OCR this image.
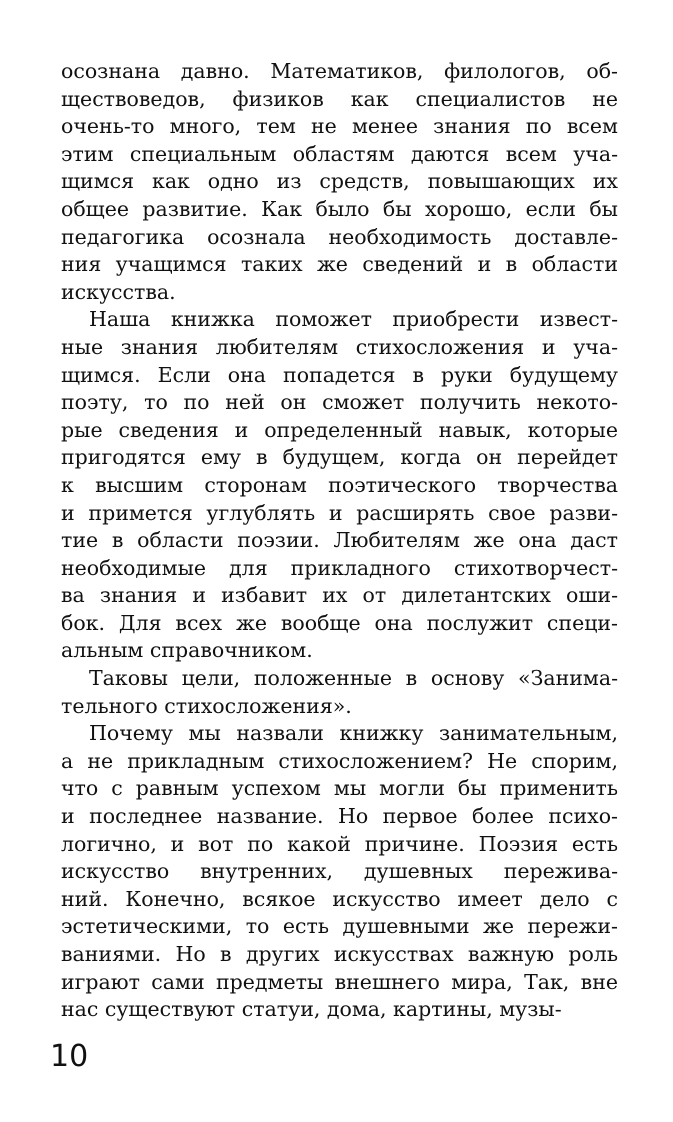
осознана давно. Математиков, филологов, об-
ществоведов, физиков как специалистов не
очень-то много, тем не менее знания по всем
этим специальным областям даются всем уча-
щимся как одно из средств, повышающих их
общее развитие. Как было бы хорошо, если бы
педагогика осознала необходимость доставле-
ния учащимся таких же сведений и в области
искусства.
Наша книжка поможет приобрести извест-
ные знания любителям стихосложения и уча-
щимся. Если она попадется в руки будущему
поэту, то по ней он сможет получить некото-
рые сведения и определенный навык, которые
пригодятся ему в будущем, когда он перейдет
к высшим сторонам поэтического творчества
и примется углублять и расширять свое разви-
тие в области поэзии. Любителям же она даст
необходимые для прикладного стихотворчест-
ва знания и избавит их от дилетантских оши-
бок. Для всех же вообще она послужит специ-
альным справочником.
Таковы цели, положенные в основу «Занима-
тельного стихосложения».
Почему мы назвали книжку занимательным,
а не прикладным стихосложением? Не спорим,
что с равным успехом мы могли бы применить
и последнее название. Но первое более психо-
логично, и вот по какой причине. Поэзия есть
искусство внутренних, душевных пережива-
ний. Конечно, всякое искусство имеет дело с
эстетическими, то есть душевными же пережи-
ваниями. Но в других искусствах важную роль
играют сами предметы внешнего мира, Так, вне
нас существуют статуи, дома, картины, музы-
10
